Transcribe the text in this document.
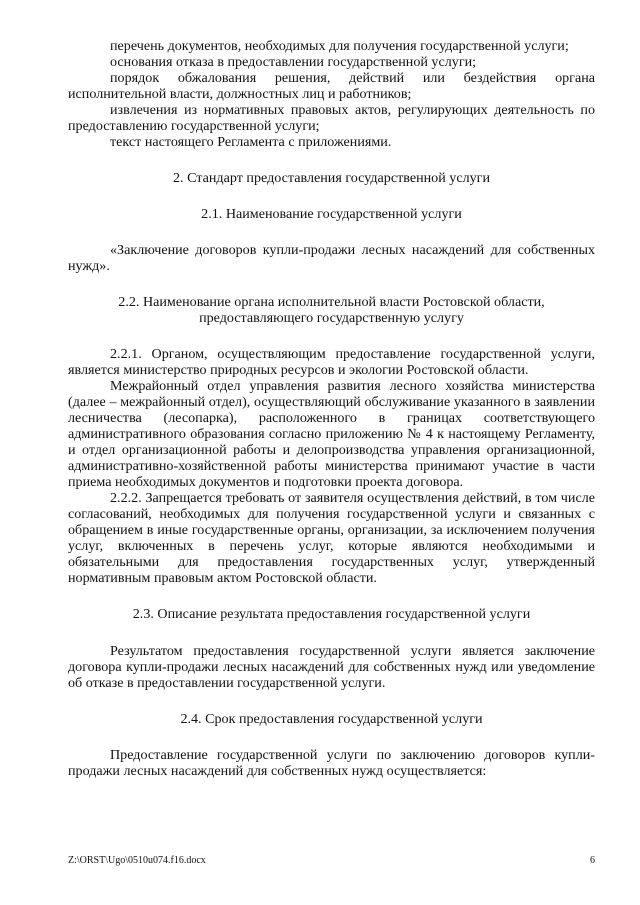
перечень документов, необходимых для получения государственной услуги;

основания отказа в предоставлении государственной услуги;

порядок обжалования решения, действий или бездействия органа исполнительной власти, должностных лиц и работников;

извлечения из нормативных правовых актов, регулирующих деятельность по предоставлению государственной услуги;

текст настоящего Регламента с приложениями.

2. Стандарт предоставления государственной услуги
2.1. Наименование государственной услуги

«Заключение договоров купли-продажи лесных насаждений для собственных нужд».

2.2. Наименование органа исполнительной власти Ростовской области,
предоставляющего государственную услугу

2.2.1. Органом, осуществляющим предоставление государственной услуги, является министерство природных ресурсов и экологии Ростовской области.

Межрайонный отдел управления развития лесного хозяйства министерства (далее – межрайонный отдел), осуществляющий обслуживание указанного в заявлении лесничества (лесопарка), расположенного в границах соответствующего административного образования согласно приложению № 4 к настоящему Регламенту, и отдел организационной работы и делопроизводства управления организационной, административно-хозяйственной работы министерства принимают участие в части приема необходимых документов и подготовки проекта договора.

2.2.2. Запрещается требовать от заявителя осуществления действий, в том числе согласований, необходимых для получения государственной услуги и связанных с обращением в иные государственные органы, организации, за исключением получения услуг, включенных в перечень услуг, которые являются необходимыми и обязательными для предоставления государственных услуг, утвержденный нормативным правовым актом Ростовской области.

2.3. Описание результата предоставления государственной услуги

Результатом предоставления государственной услуги является заключение договора купли-продажи лесных насаждений для собственных нужд или уведомление об отказе в предоставлении государственной услуги.

2.4. Срок предоставления государственной услуги

Предоставление государственной услуги по заключению договоров купли-продажи лесных насаждений для собственных нужд осуществляется:

Z:\ORST\Ugo\0510u074.f16.docx	6
